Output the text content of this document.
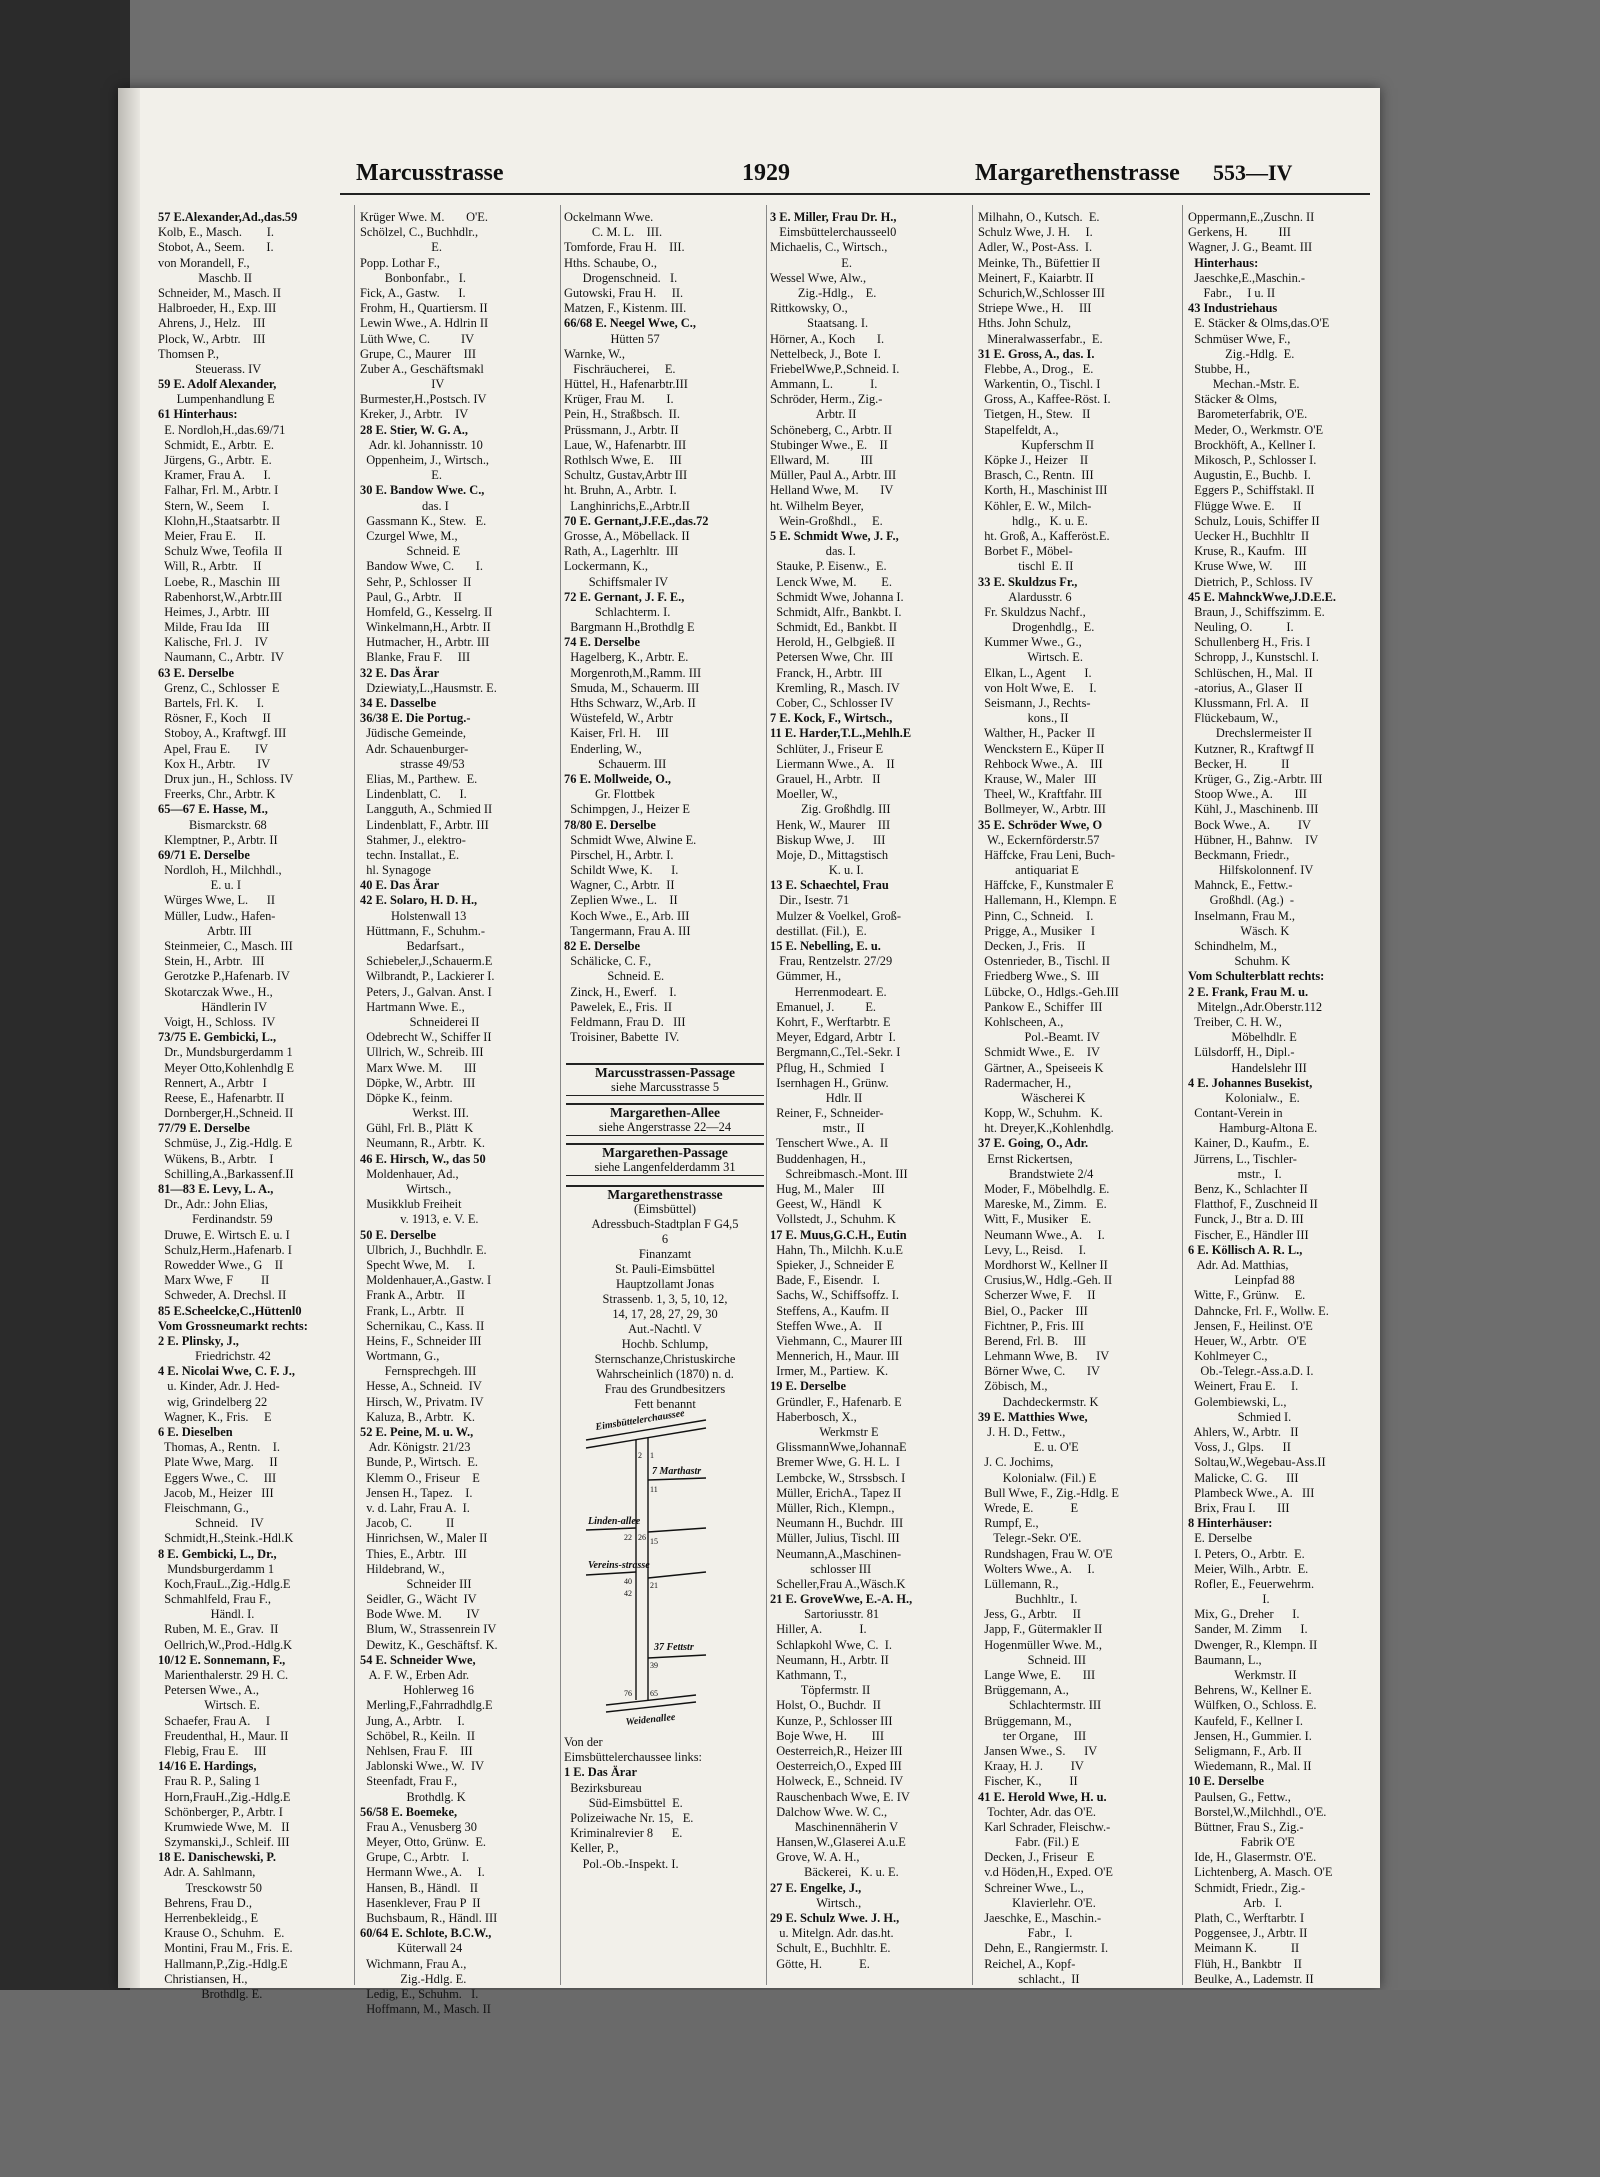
Marcusstrasse	1929	Margarethenstrasse 553—IV
57 E.Alexander,Ad.,das.59
Kolb, E., Masch.        I.
Stobot, A., Seem.       I.
von Morandell, F.,
Maschb. II
Schneider, M., Masch. II
Halbroeder, H., Exp. III
Ahrens, J., Helz.    III
Plock, W., Arbtr.    III
Thomsen P.,
Steuerass. IV
59 E. Adolf Alexander,
Lumpenhandlung E
61 Hinterhaus:
E. Nordloh,H.,das.69/71
Schmidt, E., Arbtr.  E.
Jürgens, G., Arbtr.  E.
Kramer, Frau A.      I.
Falhar, Frl. M., Arbtr. I
Stern, W., Seem      I.
Klohn,H.,Staatsarbtr. II
Meier, Frau E.      II.
Schulz Wwe, Teofila  II
Will, R., Arbtr.     II
Loebe, R., Maschin  III
Rabenhorst,W.,Arbtr.III
Heimes, J., Arbtr.  III
Milde, Frau Ida     III
Kalische, Frl. J.    IV
Naumann, C., Arbtr.  IV
63 E. Derselbe
Grenz, C., Schlosser  E
Bartels, Frl. K.      I.
Rösner, F., Koch     II
Stoboy, A., Kraftwgf. III
Apel, Frau E.        IV
Kox H., Arbtr.       IV
Drux jun., H., Schloss. IV
Freerks, Chr., Arbtr. K
65—67 E. Hasse, M.,
Bismarckstr. 68
Klemptner, P., Arbtr. II
69/71 E. Derselbe
Nordloh, H., Milchhdl.,
E. u. I
Würges Wwe, L.      II
Müller, Ludw., Hafen-
Arbtr. III
Steinmeier, C., Masch. III
Stein, H., Arbtr.   III
Gerotzke P.,Hafenarb. IV
Skotarczak Wwe., H.,
Händlerin IV
Voigt, H., Schloss.  IV
73/75 E. Gembicki, L.,
Dr., Mundsburgerdamm 1
Meyer Otto,Kohlenhdlg E
Rennert, A., Arbtr   I
Reese, E., Hafenarbtr. II
Dornberger,H.,Schneid. II
77/79 E. Derselbe
Schmüse, J., Zig.-Hdlg. E
Wükens, B., Arbtr.    I
Schilling,A.,Barkassenf.II
81—83 E. Levy, L. A.,
Dr., Adr.: John Elias,
Ferdinandstr. 59
Druwe, E. Wirtsch E. u. I
Schulz,Herm.,Hafenarb. I
Rowedder Wwe., G    II
Marx Wwe, F         II
Schweder, A. Drechsl. II
85 E.Scheelcke,C.,Hüttenl0
Vom Grossneumarkt rechts:
2 E. Plinsky, J.,
Friedrichstr. 42
4 E. Nicolai Wwe, C. F. J.,
u. Kinder, Adr. J. Hed-
wig, Grindelberg 22
Wagner, K., Fris.     E
6 E. Dieselben
Thomas, A., Rentn.    I.
Plate Wwe, Marg.     II
Eggers Wwe., C.     III
Jacob, M., Heizer   III
Fleischmann, G.,
Schneid.    IV
Schmidt,H.,Steink.-Hdl.K
8 E. Gembicki, L., Dr.,
Mundsburgerdamm 1
Koch,FrauL.,Zig.-Hdlg.E
Schmahlfeld, Frau F.,
Händl. I.
Ruben, M. E., Grav.  II
Oellrich,W.,Prod.-Hdlg.K
10/12 E. Sonnemann, F.,
Marienthalerstr. 29 H. C.
Petersen Wwe., A.,
Wirtsch. E.
Schaefer, Frau A.     I
Freudenthal, H., Maur. II
Flebig, Frau E.     III
14/16 E. Hardings,
Frau R. P., Saling 1
Horn,FrauH.,Zig.-Hdlg.E
Schönberger, P., Arbtr. I
Krumwiede Wwe, M.   II
Szymanski,J., Schleif. III
18 E. Danischewski, P.
Adr. A. Sahlmann,
Tresckowstr 50
Behrens, Frau D.,
Herrenbekleidg., E
Krause O., Schuhm.   E.
Montini, Frau M., Fris. E.
Hallmann,P.,Zig.-Hdlg.E
Christiansen, H.,
Brothdlg. E.
Krüger Wwe. M.       O'E.
Schölzel, C., Buchhdlr.,
E.
Popp. Lothar F.,
Bonbonfabr.,   I.
Fick, A., Gastw.      I.
Frohm, H., Quartiersm. II
Lewin Wwe., A. Hdlrin II
Lüth Wwe, C.          IV
Grupe, C., Maurer    III
Zuber A., Geschäftsmakl
IV
Burmester,H.,Postsch. IV
Kreker, J., Arbtr.    IV
28 E. Stier, W. G. A.,
Adr. kl. Johannisstr. 10
Oppenheim, J., Wirtsch.,
E.
30 E. Bandow Wwe. C.,
das. I
Gassmann K., Stew.   E.
Czurgel Wwe, M.,
Schneid. E
Bandow Wwe, C.       I.
Sehr, P., Schlosser  II
Paul, G., Arbtr.    II
Homfeld, G., Kesselrg. II
Winkelmann,H., Arbtr. II
Hutmacher, H., Arbtr. III
Blanke, Frau F.     III
32 E. Das Ärar
Dziewiaty,L.,Hausmstr. E.
34 E. Dasselbe
36/38 E. Die Portug.-
Jüdische Gemeinde,
Adr. Schauenburger-
strasse 49/53
Elias, M., Parthew.  E.
Lindenblatt, C.      I.
Langguth, A., Schmied II
Lindenblatt, F., Arbtr. III
Stahmer, J., elektro-
techn. Installat., E.
hl. Synagoge
40 E. Das Ärar
42 E. Solaro, H. D. H.,
Holstenwall 13
Hüttmann, F., Schuhm.-
Bedarfsart.,
Schiebeler,J.,Schauerm.E
Wilbrandt, P., Lackierer I.
Peters, J., Galvan. Anst. I
Hartmann Wwe. E.,
Schneiderei II
Odebrecht W., Schiffer II
Ullrich, W., Schreib. III
Marx Wwe. M.       III
Döpke, W., Arbtr.   III
Döpke K., feinm.
Werkst. III.
Gühl, Frl. B., Plätt  K
Neumann, R., Arbtr.  K.
46 E. Hirsch, W., das 50
Moldenhauer, Ad.,
Wirtsch.,
Musikklub Freiheit
v. 1913, e. V. E.
50 E. Derselbe
Ulbrich, J., Buchhdlr. E.
Specht Wwe, M.      I.
Moldenhauer,A.,Gastw. I
Frank A., Arbtr.    II
Frank, L., Arbtr.   II
Schernikau, C., Kass. II
Heins, F., Schneider III
Wortmann, G.,
Fernsprechgeh. III
Hesse, A., Schneid.  IV
Hirsch, W., Privatm. IV
Kaluza, B., Arbtr.   K.
52 E. Peine, M. u. W.,
Adr. Königstr. 21/23
Bunde, P., Wirtsch.  E.
Klemm O., Friseur    E
Jensen H., Tapez.    I.
v. d. Lahr, Frau A.  I.
Jacob, C.           II
Hinrichsen, W., Maler II
Thies, E., Arbtr.   III
Hildebrand, W.,
Schneider III
Seidler, G., Wächt  IV
Bode Wwe. M.        IV
Blum, W., Strassenrein IV
Dewitz, K., Geschäftsf. K.
54 E. Schneider Wwe,
A. F. W., Erben Adr.
Hohlerweg 16
Merling,F.,Fahrradhdlg.E
Jung, A., Arbtr.     I.
Schöbel, R., Keiln.  II
Nehlsen, Frau F.    III
Jablonski Wwe., W.  IV
Steenfadt, Frau F.,
Brothdlg. K
56/58 E. Boemeke,
Frau A., Venusberg 30
Meyer, Otto, Grünw.  E.
Grupe, C., Arbtr.    I.
Hermann Wwe., A.     I.
Hansen, B., Händl.   II
Hasenklever, Frau P  II
Buchsbaum, R., Händl. III
60/64 E. Schlote, B.C.W.,
Küterwall 24
Wichmann, Frau A.,
Zig.-Hdlg. E.
Ledig, E., Schuhm.   I.
Hoffmann, M., Masch. II
Ockelmann Wwe.
C. M. L.    III.
Tomforde, Frau H.    III.
Hths. Schaube, O.,
Drogenschneid.   I.
Gutowski, Frau H.     II.
Matzen, F., Kistenm. III.
66/68 E. Neegel Wwe, C.,
Hütten 57
Warnke, W.,
Fischräucherei,     E.
Hüttel, H., Hafenarbtr.III
Krüger, Frau M.       I.
Pein, H., Straßbsch.  II.
Prüssmann, J., Arbtr. II
Laue, W., Hafenarbtr. III
Rothlsch Wwe, E.     III
Schultz, Gustav,Arbtr III
ht. Bruhn, A., Arbtr.  I.
Langhinrichs,E.,Arbtr.II
70 E. Gernant,J.F.E.,das.72
Grosse, A., Möbellack. II
Rath, A., Lagerhltr.  III
Lockermann, K.,
Schiffsmaler IV
72 E. Gernant, J. F. E.,
Schlachterm. I.
Bargmann H.,Brothdlg E
74 E. Derselbe
Hagelberg, K., Arbtr. E.
Morgenroth,M.,Ramm. III
Smuda, M., Schauerm. III
Hths Schwarz, W.,Arb. II
Wüstefeld, W., Arbtr
Kaiser, Frl. H.     III
Enderling, W.,
Schauerm. III
76 E. Mollweide, O.,
Gr. Flottbek
Schimpgen, J., Heizer E
78/80 E. Derselbe
Schmidt Wwe, Alwine E.
Pirschel, H., Arbtr. I.
Schildt Wwe, K.      I.
Wagner, C., Arbtr.  II
Zeplien Wwe., L.    II
Koch Wwe., E., Arb. III
Tangermann, Frau A. III
82 E. Derselbe
Schälicke, C. F.,
Schneid. E.
Zinck, H., Ewerf.    I.
Pawelek, E., Fris.  II
Feldmann, Frau D.   III
Troisiner, Babette  IV.
3 E. Miller, Frau Dr. H.,
Eimsbüttelerchausseel0
Michaelis, C., Wirtsch.,
E.
Wessel Wwe, Alw.,
Zig.-Hdlg.,    E.
Rittkowsky, O.,
Staatsang. I.
Hörner, A., Koch       I.
Nettelbeck, J., Bote  I.
FriebelWwe,P.,Schneid. I.
Ammann, L.            I.
Schröder, Herm., Zig.-
Arbtr. II
Schöneberg, C., Arbtr. II
Stubinger Wwe., E.    II
Ellward, M.          III
Müller, Paul A., Arbtr. III
Helland Wwe, M.       IV
ht. Wilhelm Beyer,
Wein-Großhdl.,     E.
5 E. Schmidt Wwe, J. F.,
das. I.
Stauke, P. Eisenw.,  E.
Lenck Wwe, M.        E.
Schmidt Wwe, Johanna I.
Schmidt, Alfr., Bankbt. I.
Schmidt, Ed., Bankbt. II
Herold, H., Gelbgieß. II
Petersen Wwe, Chr.  III
Franck, H., Arbtr.  III
Kremling, R., Masch. IV
Cober, C., Schlosser IV
7 E. Kock, F., Wirtsch.,
11 E. Harder,T.L.,Mehlh.E
Schlüter, J., Friseur E
Liermann Wwe., A.    II
Grauel, H., Arbtr.   II
Moeller, W.,
Zig. Großhdlg. III
Henk, W., Maurer    III
Biskup Wwe, J.      III
Moje, D., Mittagstisch
K. u. I.
13 E. Schaechtel, Frau
Dir., Isestr. 71
Mulzer & Voelkel, Groß-
destillat. (Fil.),  E.
15 E. Nebelling, E. u.
Frau, Rentzelstr. 27/29
Gümmer, H.,
Herrenmodeart. E.
Emanuel, J.          E.
Kohrt, F., Werftarbtr. E
Meyer, Edgard, Arbtr  I.
Bergmann,C.,Tel.-Sekr. I
Pflug, H., Schmied   I
Isernhagen H., Grünw.
Hdlr. II
Reiner, F., Schneider-
mstr.,  II
Tenschert Wwe., A.  II
Buddenhagen, H.,
Schreibmasch.-Mont. III
Hug, M., Maler      III
Geest, W., Händl    K
Vollstedt, J., Schuhm. K
17 E. Muus,G.C.H., Eutin
Hahn, Th., Milchh. K.u.E
Spieker, J., Schneider E
Bade, F., Eisendr.   I.
Sachs, W., Schiffsoffz. I.
Steffens, A., Kaufm. II
Steffen Wwe., A.    II
Viehmann, C., Maurer III
Mennerich, H., Maur. III
Irmer, M., Partiew.  K.
19 E. Derselbe
Gründler, F., Hafenarb. E
Haberbosch, X.,
Werkmstr E
GlissmannWwe,JohannaE
Bremer Wwe, G. H. L.  I
Lembcke, W., Strssbsch. I
Müller, ErichA., Tapez II
Müller, Rich., Klempn.,
Neumann H., Buchdr.  III
Müller, Julius, Tischl. III
Neumann,A.,Maschinen-
schlosser III
Scheller,Frau A.,Wäsch.K
21 E. GroveWwe, E.-A. H.,
Sartoriusstr. 81
Hiller, A.            I.
Schlapkohl Wwe, C.  I.
Neumann, H., Arbtr. II
Kathmann, T.,
Töpfermstr. II
Holst, O., Buchdr.  II
Kunze, P., Schlosser III
Boje Wwe, H.        III
Oesterreich,R., Heizer III
Oesterreich,O., Exped III
Holweck, E., Schneid. IV
Rauschenbach Wwe, E. IV
Dalchow Wwe. W. C.,
Maschinennäherin V
Hansen,W.,Glaserei A.u.E
Grove, W. A. H.,
Bäckerei,   K. u. E.
27 E. Engelke, J.,
Wirtsch.,
29 E. Schulz Wwe. J. H.,
u. Mitelgn. Adr. das.ht.
Schult, E., Buchhltr. E.
Götte, H.            E.
Milhahn, O., Kutsch.  E.
Schulz Wwe, J. H.     I.
Adler, W., Post-Ass.  I.
Meinke, Th., Büfettier II
Meinert, F., Kaiarbtr. II
Schurich,W.,Schlosser III
Striepe Wwe., H.     III
Hths. John Schulz,
Mineralwasserfabr.,  E.
31 E. Gross, A., das. I.
Flebbe, A., Drog.,   E.
Warkentin, O., Tischl. I
Gross, A., Kaffee-Röst. I.
Tietgen, H., Stew.   II
Stapelfeldt, A.,
Kupferschm II
Köpke J., Heizer    II
Brasch, C., Rentn.  III
Korth, H., Maschinist III
Köhler, E. W., Milch-
hdlg.,   K. u. E.
ht. Groß, A., Kafferöst.E.
Borbet F., Möbel-
tischl  E. II
33 E. Skuldzus Fr.,
Alardusstr. 6
Fr. Skuldzus Nachf.,
Drogenhdlg.,  E.
Kummer Wwe., G.,
Wirtsch. E.
Elkan, L., Agent      I.
von Holt Wwe, E.     I.
Seismann, J., Rechts-
kons., II
Walther, H., Packer  II
Wenckstern E., Küper II
Rehbock Wwe., A.    III
Krause, W., Maler   III
Theel, W., Kraftfahr. III
Bollmeyer, W., Arbtr. III
35 E. Schröder Wwe, O
W., Eckernförderstr.57
Häffcke, Frau Leni, Buch-
antiquariat E
Häffcke, F., Kunstmaler E
Hallemann, H., Klempn. E
Pinn, C., Schneid.    I.
Prigge, A., Musiker   I
Decken, J., Fris.    II
Ostenrieder, B., Tischl. II
Friedberg Wwe., S.  III
Lübcke, O., Hdlgs.-Geh.III
Pankow E., Schiffer  III
Kohlscheen, A.,
Pol.-Beamt. IV
Schmidt Wwe., E.    IV
Gärtner, A., Speiseeis K
Radermacher, H.,
Wäscherei K
Kopp, W., Schuhm.   K.
ht. Dreyer,K.,Kohlenhdlg.
37 E. Going, O., Adr.
Ernst Rickertsen,
Brandstwiete 2/4
Moder, F., Möbelhdlg. E.
Mareske, M., Zimm.   E.
Witt, F., Musiker    E.
Neumann Wwe., A.     I.
Levy, L., Reisd.     I.
Mordhorst W., Kellner II
Crusius,W., Hdlg.-Geh. II
Scherzer Wwe, F.     II
Biel, O., Packer    III
Fichtner, P., Fris. III
Berend, Frl. B.     III
Lehmann Wwe, B.      IV
Börner Wwe, C.       IV
Zöbisch, M.,
Dachdeckermstr. K
39 E. Matthies Wwe,
J. H. D., Fettw.,
E. u. O'E
J. C. Jochims,
Kolonialw. (Fil.) E
Bull Wwe, F., Zig.-Hdlg. E
Wrede, E.            E
Rumpf, E.,
Telegr.-Sekr. O'E.
Rundshagen, Frau W. O'E
Wolters Wwe., A.     I.
Lüllemann, R.,
Buchhltr.,  I.
Jess, G., Arbtr.     II
Japp, F., Gütermakler II
Hogenmüller Wwe. M.,
Schneid. III
Lange Wwe, E.       III
Brüggemann, A.,
Schlachtermstr. III
Brüggemann, M.,
ter Organe,     III
Jansen Wwe., S.      IV
Kraay, H. J.         IV
Fischer, K.,         II
41 E. Herold Wwe, H. u.
Tochter, Adr. das O'E.
Karl Schrader, Fleischw.-
Fabr. (Fil.) E
Decken, J., Friseur   E
v.d Höden,H., Exped. O'E
Schreiner Wwe., L.,
Klavierlehr. O'E.
Jaeschke, E., Maschin.-
Fabr.,   I.
Dehn, E., Rangiermstr. I.
Reichel, A., Kopf-
schlacht.,  II
Oppermann,E.,Zuschn. II
Gerkens, H.          III
Wagner, J. G., Beamt. III
Hinterhaus:
Jaeschke,E.,Maschin.-
Fabr.,     I u. II
43 Industriehaus
E. Stäcker & Olms,das.O'E
Schmüser Wwe, F.,
Zig.-Hdlg.  E.
Stubbe, H.,
Mechan.-Mstr. E.
Stäcker & Olms,
Barometerfabrik, O'E.
Meder, O., Werkmstr. O'E
Brockhöft, A., Kellner I.
Mikosch, P., Schlosser I.
Augustin, E., Buchb.  I.
Eggers P., Schiffstakl. II
Flügge Wwe. E.      II
Schulz, Louis, Schiffer II
Uecker H., Buchhltr  II
Kruse, R., Kaufm.   III
Kruse Wwe, W.       III
Dietrich, P., Schloss. IV
45 E. MahnckWwe,J.D.E.E.
Braun, J., Schiffszimm. E.
Neuling, O.           I.
Schullenberg H., Fris. I
Schropp, J., Kunstschl. I.
Schlüschen, H., Mal.  II
-atorius, A., Glaser  II
Klussmann, Frl. A.    II
Flückebaum, W.,
Drechslermeister II
Kutzner, R., Kraftwgf II
Becker, H.           II
Krüger, G., Zig.-Arbtr. III
Stoop Wwe., A.       III
Kühl, J., Maschinenb. III
Bock Wwe., A.         IV
Hübner, H., Bahnw.    IV
Beckmann, Friedr.,
Hilfskolonnenf. IV
Mahnck, E., Fettw.-
Großhdl. (Ag.)  -
Inselmann, Frau M.,
Wäsch. K
Schindhelm, M.,
Schuhm. K
Vom Schulterblatt rechts:
2 E. Frank, Frau M. u.
Mitelgn.,Adr.Oberstr.112
Treiber, C. H. W.,
Möbelhdlr. E
Lülsdorff, H., Dipl.-
Handelslehr III
4 E. Johannes Busekist,
Kolonialw.,  E.
Contant-Verein in
Hamburg-Altona E.
Kainer, D., Kaufm.,  E.
Jürrens, L., Tischler-
mstr.,   I.
Benz, K., Schlachter II
Flatthof, F., Zuschneid II
Funck, J., Btr a. D. III
Fischer, E., Händler III
6 E. Köllisch A. R. L.,
Adr. Ad. Matthias,
Leinpfad 88
Witte, F., Grünw.     E.
Dahncke, Frl. F., Wollw. E.
Jensen, F., Heilinst. O'E
Heuer, W., Arbtr.   O'E
Kohlmeyer C.,
Ob.-Telegr.-Ass.a.D. I.
Weinert, Frau E.     I.
Golembiewski, L.,
Schmied I.
Ahlers, W., Arbtr.   II
Voss, J., Glps.      II
Soltau,W.,Wegebau-Ass.II
Malicke, C. G.      III
Plambeck Wwe., A.   III
Brix, Frau I.       III
8 Hinterhäuser:
E. Derselbe
I. Peters, O., Arbtr.  E.
Meier, Wilh., Arbtr.  E.
Rofler, E., Feuerwehrm.
I.
Mix, G., Dreher      I.
Sander, M. Zimm      I.
Dwenger, R., Klempn. II
Baumann, L.,
Werkmstr. II
Behrens, W., Kellner E.
Wülfken, O., Schloss. E.
Kaufeld, F., Kellner I.
Jensen, H., Gummier. I.
Seligmann, F., Arb. II
Wiedemann, R., Mal. II
10 E. Derselbe
Paulsen, G., Fettw.,
Borstel,W.,Milchhdl., O'E.
Büttner, Frau S., Zig.-
Fabrik O'E
Ide, H., Glasermstr. O'E.
Lichtenberg, A. Masch. O'E
Schmidt, Friedr., Zig.-
Arb.   I.
Plath, C., Werftarbtr. I
Poggensee, J., Arbtr. II
Meimann K.           II
Flüh, H., Bankbtr    II
Beulke, A., Lademstr. II
Marcusstrassen-Passage
siehe Marcusstrasse 5
Margarethen-Allee
siehe Angerstrasse 22—24
Margarethen-Passage
siehe Langenfelderdamm 31
Margarethenstrasse
(Eimsbüttel)
Adressbuch-Stadtplan F G4,5
6
Finanzamt
St. Pauli-Eimsbüttel
Hauptzollamt Jonas
Strassenb. 1, 3, 5, 10, 12,
14, 17, 28, 27, 29, 30
Aut.-Nachtl. V
Hochb. Schlump,
Sternschanze,Christuskirche
Wahrscheinlich (1870) n. d.
Frau des Grundbesitzers
Fett benannt
Eimsbüttelerchaussee
7 Marthastr
Linden-allee
Vereins-strasse
37 Fettstr
Weidenallee
2 1
11
22 26 15
40 21
42
39
76 65
Von der
Eimsbüttelerchaussee links:
1 E. Das Ärar
Bezirksbureau
Süd-Eimsbüttel  E.
Polizeiwache Nr. 15,   E.
Kriminalrevier 8      E.
Keller, P.,
Pol.-Ob.-Inspekt. I.
